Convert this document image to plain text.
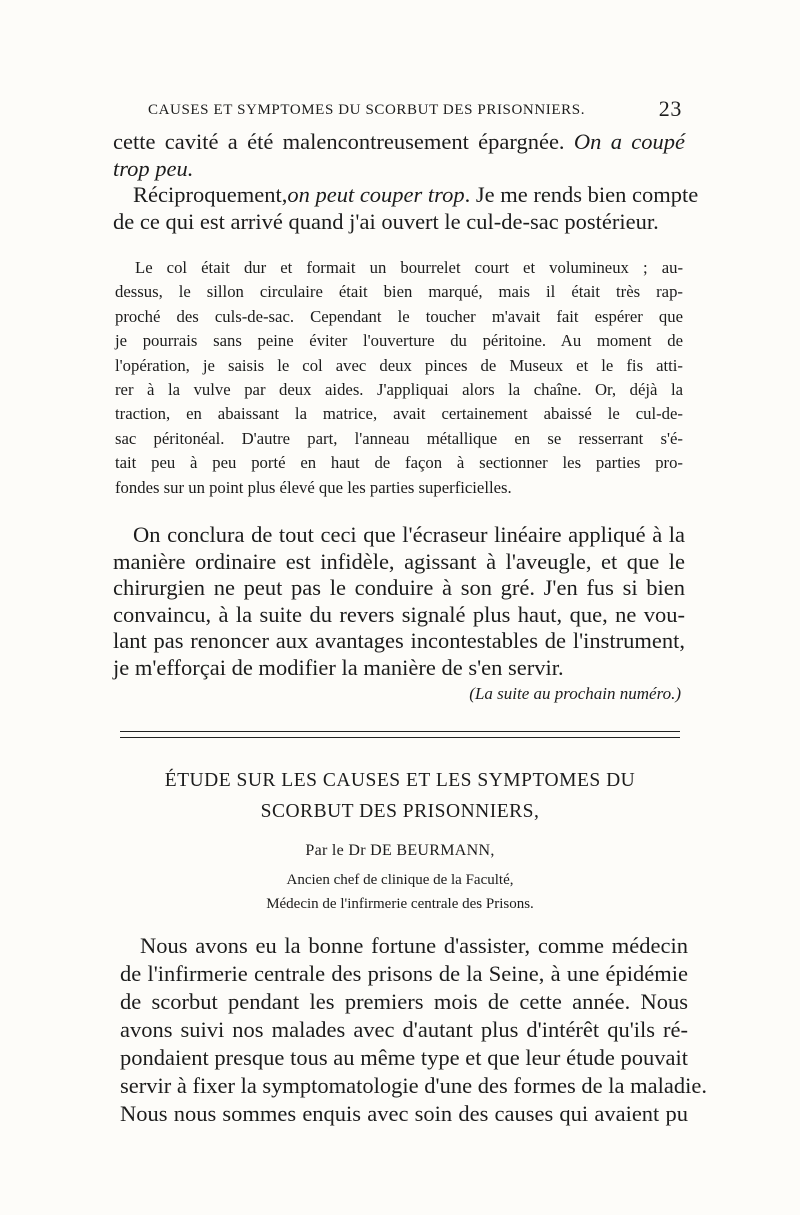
CAUSES ET SYMPTOMES DU SCORBUT DES PRISONNIERS.	23
cette cavité a été malencontreusement épargnée. On a coupé
trop peu.
Réciproquement,on peut couper trop. Je me rends bien compte
de ce qui est arrivé quand j'ai ouvert le cul-de-sac postérieur.
Le col était dur et formait un bourrelet court et volumineux ; au-
dessus, le sillon circulaire était bien marqué, mais il était très rap-
proché des culs-de-sac. Cependant le toucher m'avait fait espérer que
je pourrais sans peine éviter l'ouverture du péritoine. Au moment de
l'opération, je saisis le col avec deux pinces de Museux et le fis atti-
rer à la vulve par deux aides. J'appliquai alors la chaîne. Or, déjà la
traction, en abaissant la matrice, avait certainement abaissé le cul-de-
sac péritonéal. D'autre part, l'anneau métallique en se resserrant s'é-
tait peu à peu porté en haut de façon à sectionner les parties pro-
fondes sur un point plus élevé que les parties superficielles.
On conclura de tout ceci que l'écraseur linéaire appliqué à la
manière ordinaire est infidèle, agissant à l'aveugle, et que le
chirurgien ne peut pas le conduire à son gré. J'en fus si bien
convaincu, à la suite du revers signalé plus haut, que, ne vou-
lant pas renoncer aux avantages incontestables de l'instrument,
je m'efforçai de modifier la manière de s'en servir.
(La suite au prochain numéro.)
ÉTUDE SUR LES CAUSES ET LES SYMPTOMES DU
SCORBUT DES PRISONNIERS,
Par le Dr DE BEURMANN,
Ancien chef de clinique de la Faculté,
Médecin de l'infirmerie centrale des Prisons.
Nous avons eu la bonne fortune d'assister, comme médecin
de l'infirmerie centrale des prisons de la Seine, à une épidémie
de scorbut pendant les premiers mois de cette année. Nous
avons suivi nos malades avec d'autant plus d'intérêt qu'ils ré-
pondaient presque tous au même type et que leur étude pouvait
servir à fixer la symptomatologie d'une des formes de la maladie.
Nous nous sommes enquis avec soin des causes qui avaient pu
